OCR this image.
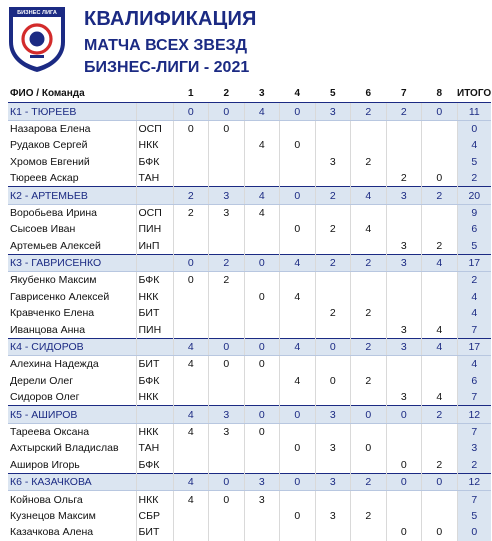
БИЗНЕС ЛИГА КВАЛИФИКАЦИЯ
МАТЧА ВСЕХ ЗВЕЗД
БИЗНЕС-ЛИГИ - 2021
ФИО / Команда		1	2	3	4	5	6	7	8	ИТОГО
К1 - ТЮРЕЕВ		0	0	4	0	3	2	2	0	11
Назарова Елена	ОСП	0	0							0
Рудаков Сергей	НКК			4	0					4
Хромов Евгений	БФК					3	2			5
Тюреев Аскар	ТАН							2	0	2
К2 - АРТЕМЬЕВ		2	3	4	0	2	4	3	2	20
Воробьева Ирина	ОСП	2	3	4						9
Сысоев Иван	ПИН				0	2	4			6
Артемьев Алексей	ИнП							3	2	5
К3 - ГАВРИСЕНКО		0	2	0	4	2	2	3	4	17
Якубенко Максим	БФК	0	2							2
Гаврисенко Алексей	НКК			0	4					4
Кравченко Елена	БИТ					2	2			4
Иванцова Анна	ПИН							3	4	7
К4 - СИДОРОВ		4	0	0	4	0	2	3	4	17
Алехина Надежда	БИТ	4	0	0						4
Дерели Олег	БФК				4	0	2			6
Сидоров Олег	НКК							3	4	7
К5 - АШИРОВ		4	3	0	0	3	0	0	2	12
Тареева Оксана	НКК	4	3	0						7
Ахтырский Владислав	ТАН				0	3	0			3
Аширов Игорь	БФК							0	2	2
К6 - КАЗАЧКОВА		4	0	3	0	3	2	0	0	12
Койнова Ольга	НКК	4	0	3						7
Кузнецов Максим	СБР				0	3	2			5
Казачкова Алена	БИТ							0	0	0
